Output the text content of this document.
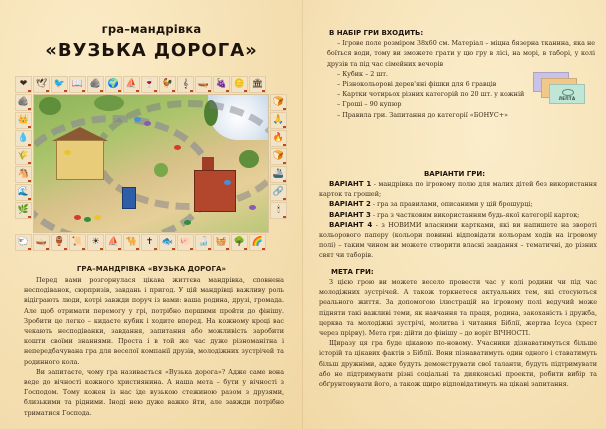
гра–мандрівка
«ВУЗЬКА ДОРОГА»
❤ 🕊 🐦 📖 🪨 🌍 ⛵ 🍷 🐓 𝄞 🛶 🍇 🪙 🏛
🍞
🙏
🔥
🍞
🚢
🔗
🕯
🐑 🛶 🏺 📜 ☀ ⛵ 🐪 ✝ 🐟 🐖 🍶 🧺 🌳 🌈
🪨
👑
💧
🌾
🐴
🌊
🌿
ГРА–МАНДРІВКА «ВУЗЬКА ДОРОГА»

Перед вами розгорнулася цікава життєва мандрівка, сповнена несподіванок, сюрпризів, завдань і пригод. У цій мандрівці важливу роль відіграють люди, котрі завжди поруч із вами: ваша родина, друзі, громада. Але щоб отримати перемогу у грі, потрібно першими пройти до фінішу. Зробити це легко – кидаєте кубик і ходите вперед. На кожному кроці вас чекають несподіванки, завдання, запитання або можливість заробити кошти своїми знаннями. Проста і в той же час дуже різноманітна і непередбачувана гра для веселої компанії друзів, молодіжних зустрічей та родинного кола.

Ви запитаєте, чому гра називається «Вузька дорога»? Адже саме вона веде до вічності кожного християнина. А наша мета – бути у вічності з Господом. Тому кожен із нас іде вузькою стежиною разом з друзями, близькими та рідними. Іноді нею дуже важко йти, але завжди потрібно триматися Господа.

В НАБІР ГРИ ВХОДИТЬ:
– Ігрове поле розміром 38х60 см. Матеріал – міцна бязерна тканина, яка не боїться води, тому ви зможете грати у цю гру в лісі, на морі, в таборі, у колі друзів та під час сімейних вечорів
– Кубик – 2 шт.
– Різнокольорові дерев'яні фішки для 6 гравців
– Картки чотирьох різних категорій по 20 шт. у кожній
– Гроші – 90 купюр
– Правила гри. Запитання до категорії «БОНУС+»
ЛЕПТА
ВАРІАНТИ ГРИ:

ВАРІАНТ 1 - мандрівка по ігровому полю для малих дітей без використання карток та грошей;

ВАРІАНТ 2 - гра за правилами, описаними у цій брошурці;

ВАРІАНТ 3 - гра з частковим використанням будь-якої категорії карток;

ВАРІАНТ 4 - з НОВИМИ власними картками, які ви напишете на звороті кольорового паперу (кольори повинні відповідати кольорам ходів на ігровому полі) – таким чином ви можете створити власні завдання – тематичні, до різних свят чи таборів.

МЕТА ГРИ:

З цією грою ви можете весело провести час у колі родини чи під час молодіжних зустрічей. А також торкнетеся актуальних тем, які стосуються реального життя. За допомогою ілюстрацій на ігровому полі ведучий може підняти такі важливі теми, як навчання та праця, родина, закоханість і дружба, церква та молодіжні зустрічі, молитва і читання Біблії, жертва Ісуса (хрест через прірву). Мета гри: дійти до фінішу – до воріт ВІЧНОСТІ.

Щиразу ця гра буде цікавою по-новому. Учасники дізнаватимуться більше історій та цікавих фактів з Біблії. Вони пізнаватимуть один одного і ставатимуть більш дружніми, адже будуть демонструвати свої таланти, будуть підтримувати або не підтримувати різні соціальні та дияконські проекти, робити вибір та обґрунтовувати його, а також щиро відповідатимуть на цікаві запитання.
